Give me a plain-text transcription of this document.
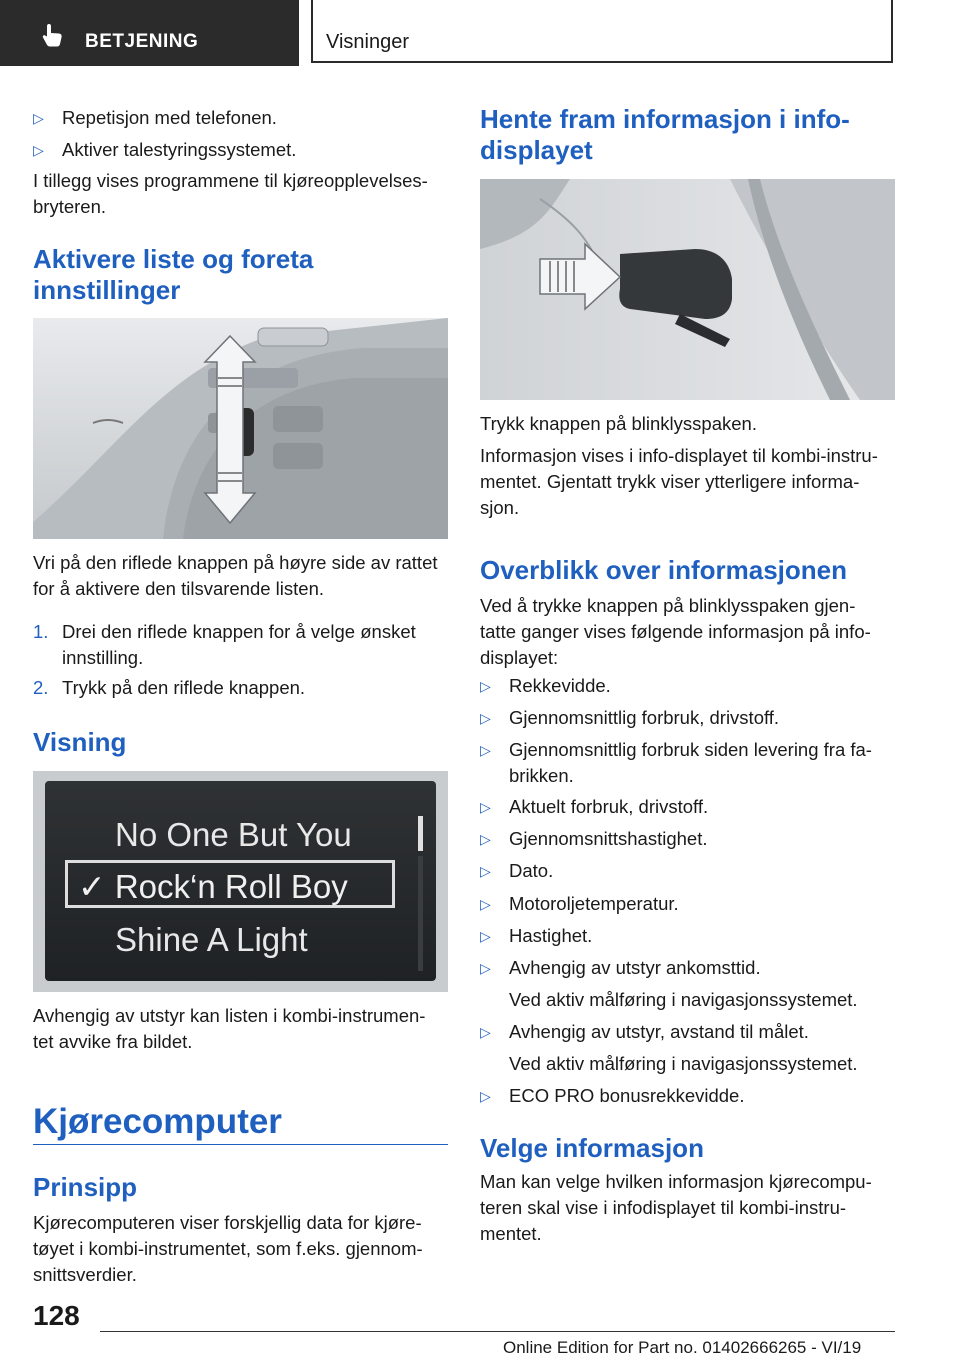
BETJENING	Visninger
▷ Repetisjon med telefonen.
▷ Aktiver talestyringssystemet.

I tillegg vises programmene til kjøreopplevelses-
bryteren.

Aktivere liste og foreta
innstillinger

Vri på den riflede knappen på høyre side av rattet
for å aktivere den tilsvarende listen.

1. Drei den riflede knappen for å velge ønsket
innstilling.
2. Trykk på den riflede knappen.

Visning

No One But You
✓ Rock‘n Roll Boy
Shine A Light

Avhengig av utstyr kan listen i kombi-instrumen-
tet avvike fra bildet.

Kjørecomputer

Prinsipp

Kjørecomputeren viser forskjellig data for kjøre-
tøyet i kombi-instrumentet, som f.eks. gjennom-
snittsverdier.

Hente fram informasjon i info-
displayet

Trykk knappen på blinklysspaken.

Informasjon vises i info-displayet til kombi-instru-
mentet. Gjentatt trykk viser ytterligere informa-
sjon.

Overblikk over informasjonen

Ved å trykke knappen på blinklysspaken gjen-
tatte ganger vises følgende informasjon på info-
displayet:

▷ Rekkevidde.
▷ Gjennomsnittlig forbruk, drivstoff.
▷ Gjennomsnittlig forbruk siden levering fra fa-
brikken.
▷ Aktuelt forbruk, drivstoff.
▷ Gjennomsnittshastighet.
▷ Dato.
▷ Motoroljetemperatur.
▷ Hastighet.
▷ Avhengig av utstyr ankomsttid.
Ved aktiv målføring i navigasjonssystemet.
▷ Avhengig av utstyr, avstand til målet.
Ved aktiv målføring i navigasjonssystemet.
▷ ECO PRO bonusrekkevidde.

Velge informasjon

Man kan velge hvilken informasjon kjørecompu-
teren skal vise i infodisplayet til kombi-instru-
mentet.

128
Online Edition for Part no. 01402666265 - VI/19
